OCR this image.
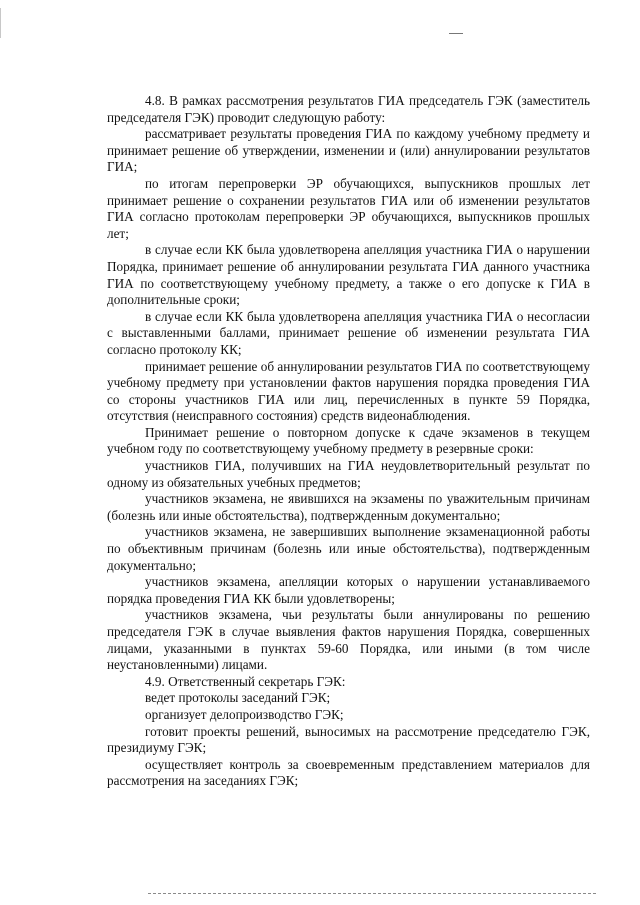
4.8. В рамках рассмотрения результатов ГИА председатель ГЭК (заместитель председателя ГЭК) проводит следующую работу:

рассматривает результаты проведения ГИА по каждому учебному предмету и принимает решение об утверждении, изменении и (или) аннулировании результатов ГИА;

по итогам перепроверки ЭР обучающихся, выпускников прошлых лет принимает решение о сохранении результатов ГИА или об изменении результатов ГИА согласно протоколам перепроверки ЭР обучающихся, выпускников прошлых лет;

в случае если КК была удовлетворена апелляция участника ГИА о нарушении Порядка, принимает решение об аннулировании результата ГИА данного участника ГИА по соответствующему учебному предмету, а также о его допуске к ГИА в дополнительные сроки;

в случае если КК была удовлетворена апелляция участника ГИА о несогласии с выставленными баллами, принимает решение об изменении результата ГИА согласно протоколу КК;

принимает решение об аннулировании результатов ГИА по соответствующему учебному предмету при установлении фактов нарушения порядка проведения ГИА со стороны участников ГИА или лиц, перечисленных в пункте 59 Порядка, отсутствия (неисправного состояния) средств видеонаблюдения.

Принимает решение о повторном допуске к сдаче экзаменов в текущем учебном году по соответствующему учебному предмету в резервные сроки:

участников ГИА, получивших на ГИА неудовлетворительный результат по одному из обязательных учебных предметов;

участников экзамена, не явившихся на экзамены по уважительным причинам (болезнь или иные обстоятельства), подтвержденным документально;

участников экзамена, не завершивших выполнение экзаменационной работы по объективным причинам (болезнь или иные обстоятельства), подтвержденным документально;

участников экзамена, апелляции которых о нарушении устанавливаемого порядка проведения ГИА КК были удовлетворены;

участников экзамена, чьи результаты были аннулированы по решению председателя ГЭК в случае выявления фактов нарушения Порядка, совершенных лицами, указанными в пунктах 59-60 Порядка, или иными (в том числе неустановленными) лицами.

4.9. Ответственный секретарь ГЭК:

ведет протоколы заседаний ГЭК;

организует делопроизводство ГЭК;

готовит проекты решений, выносимых на рассмотрение председателю ГЭК, президиуму ГЭК;

осуществляет контроль за своевременным представлением материалов для рассмотрения на заседаниях ГЭК;
